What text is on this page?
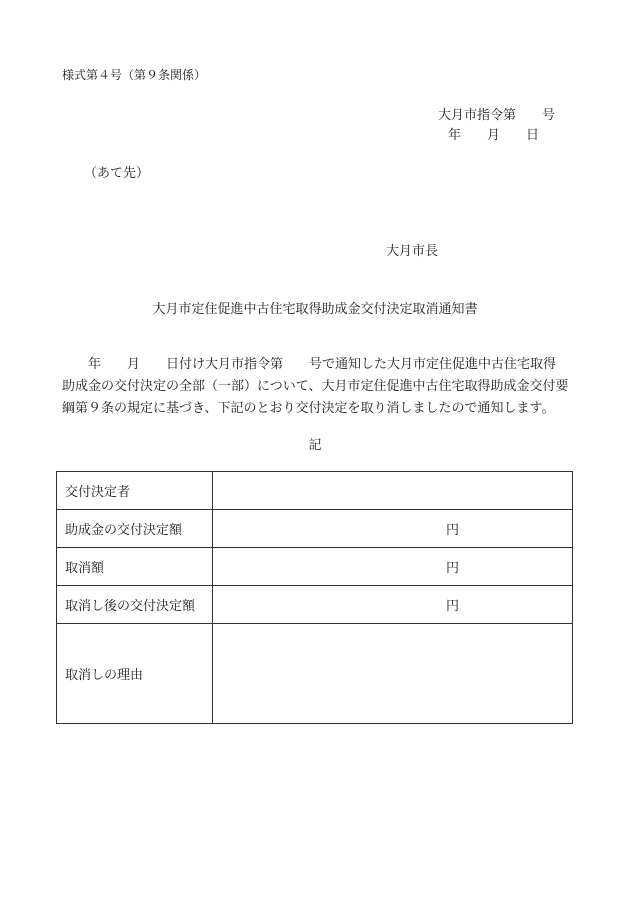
様式第４号（第９条関係）
大月市指令第　　号
年 月 日
（あて先）
大月市長
大月市定住促進中古住宅取得助成金交付決定取消通知書
　　年　　月　　日付け大月市指令第　　号で通知した大月市定住促進中古住宅取得
助成金の交付決定の全部（一部）について、大月市定住促進中古住宅取得助成金交付要
綱第９条の規定に基づき、下記のとおり交付決定を取り消しましたので通知します。
記
交付決定者	
助成金の交付決定額	円
取消額	円
取消し後の交付決定額	円
取消しの理由	
